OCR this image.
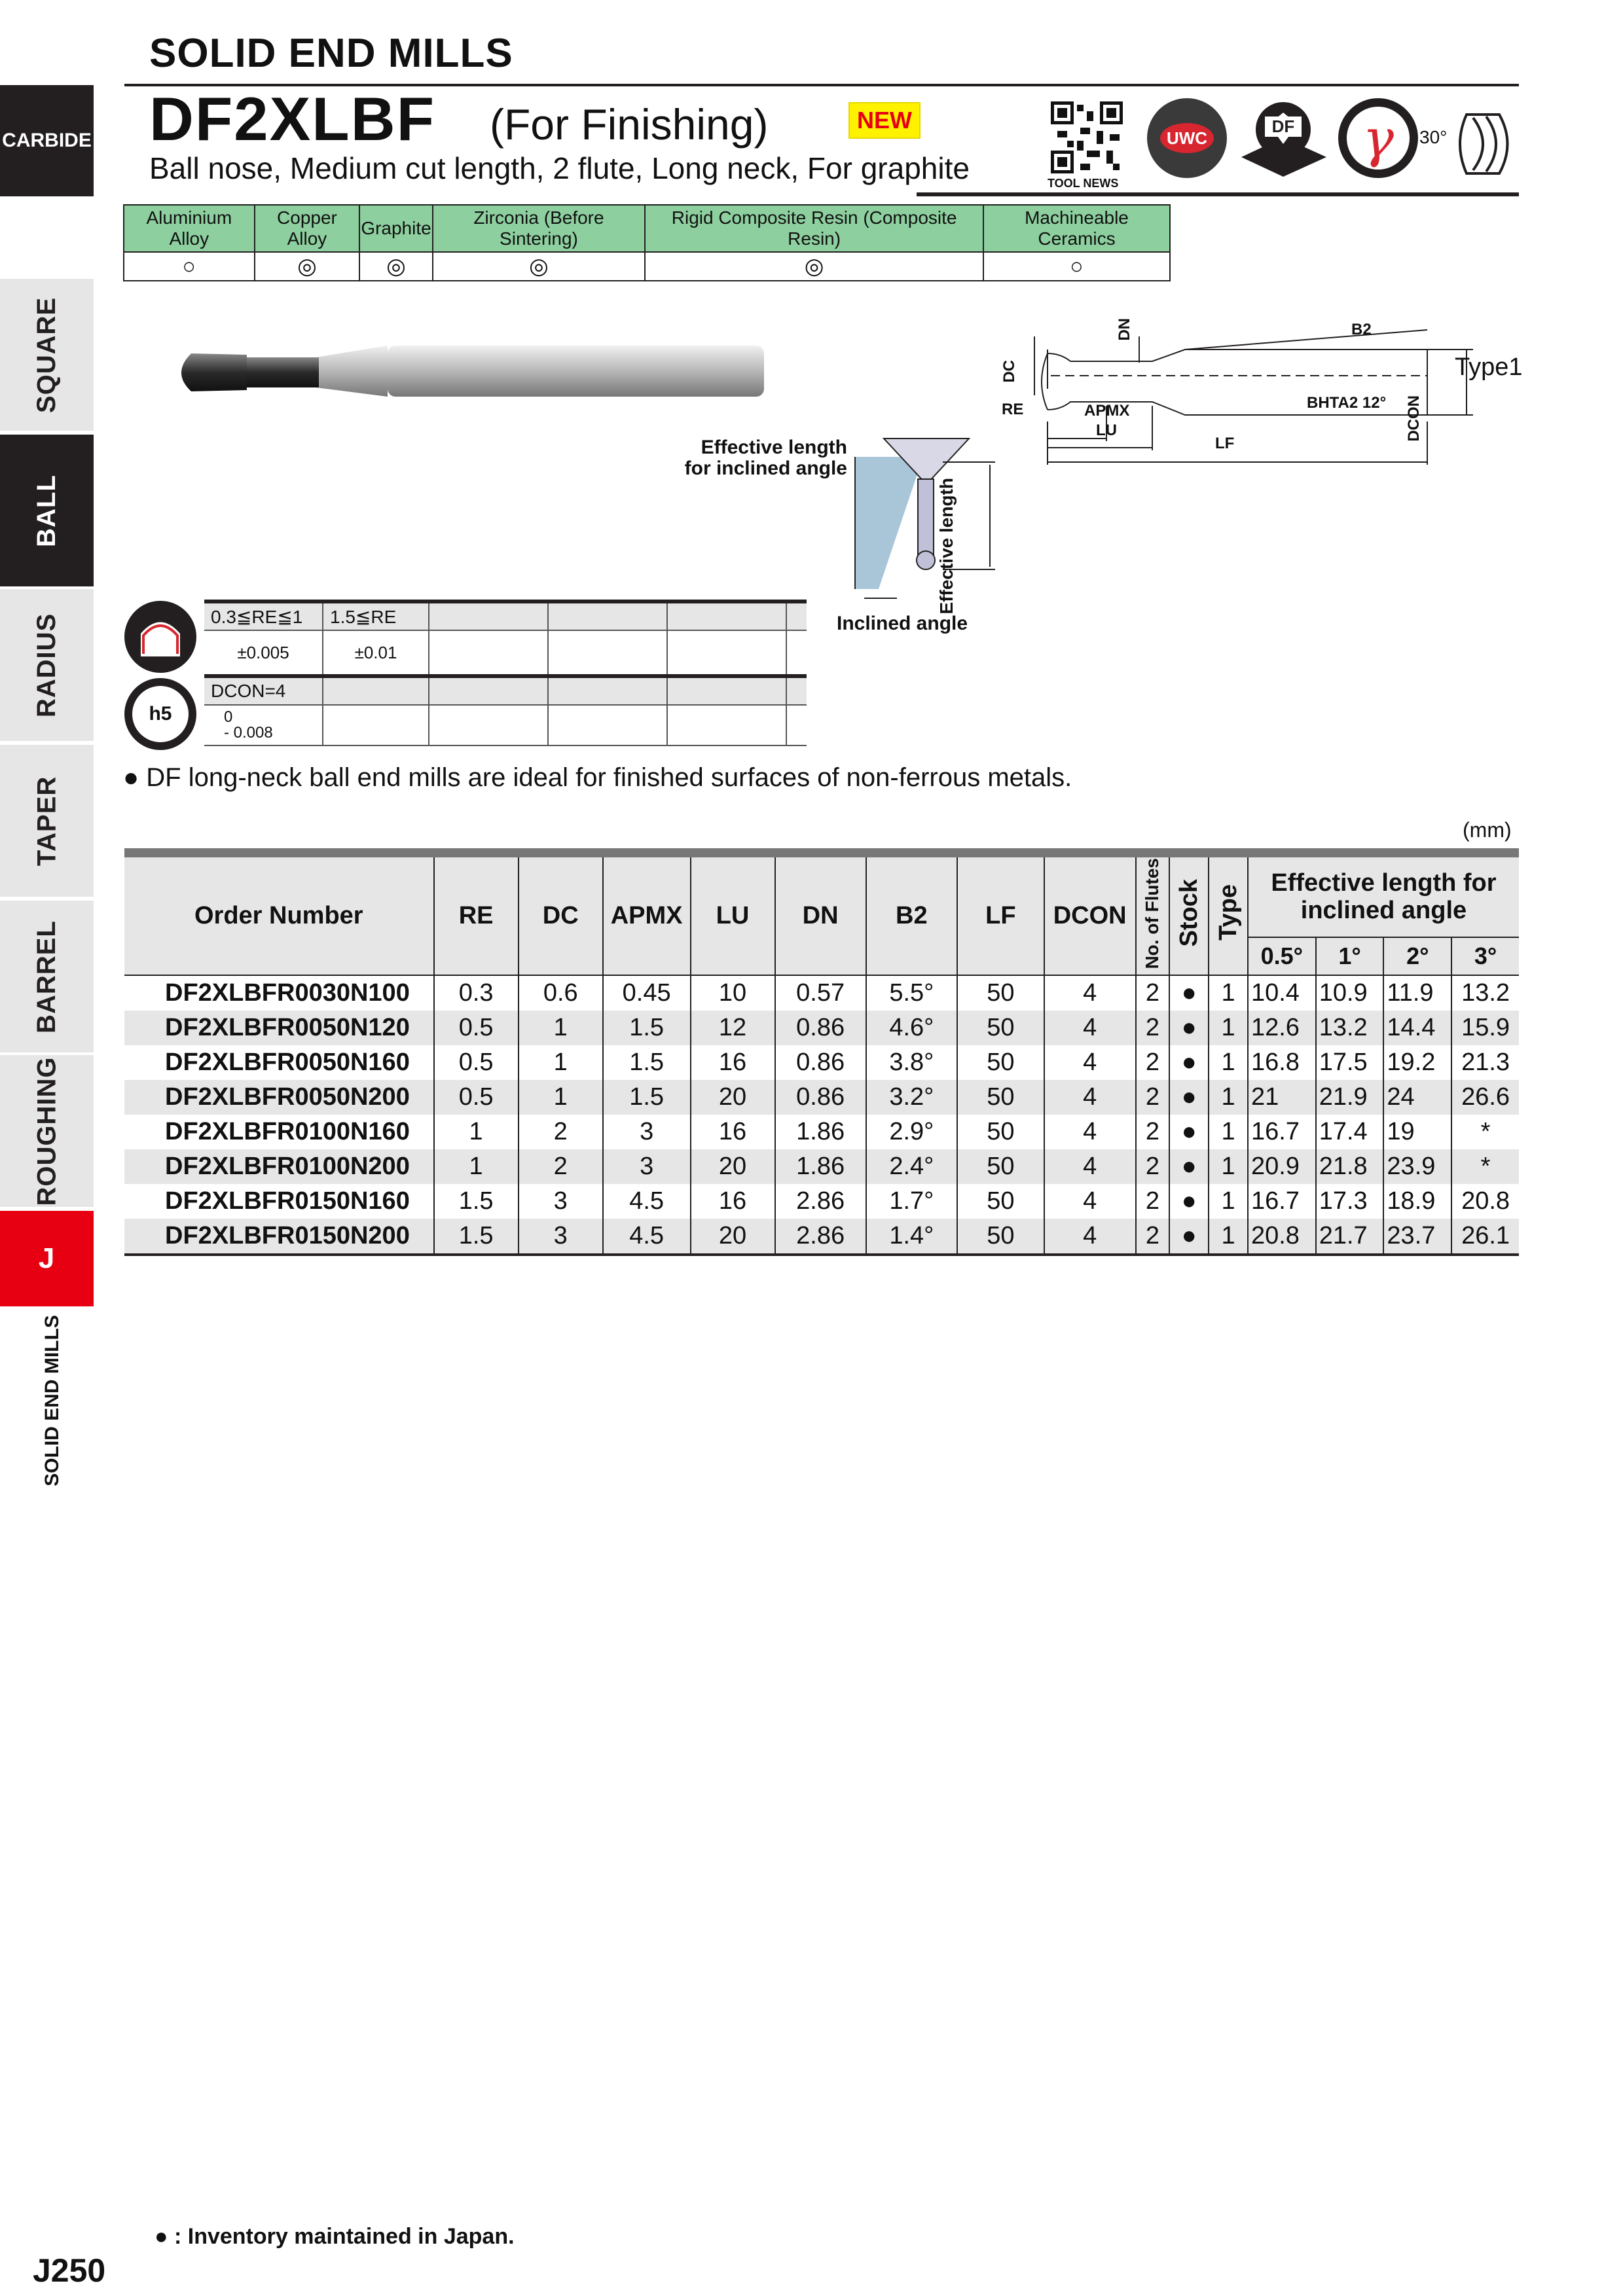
CARBIDE
SQUARE
BALL
RADIUS
TAPER
BARREL
ROUGHING
J
SOLID END MILLS
SOLID END MILLS
DF2XLBF (For Finishing)	NEW
Ball nose, Medium cut length, 2 flute, Long neck, For graphite	TOOL NEWS
UWC
DF	γ	30°
Aluminium Alloy	Copper Alloy	Graphite	Zirconia (Before Sintering)	Rigid Composite Resin (Composite Resin)	Machineable Ceramics
○	◎	◎	◎	◎	○
DC
DN
RE	APMX
LU
LF
B2
BHTA2 12° DCON
Type1
Effective length for inclined angle
Effective length
Inclined angle
h5
0.3≦RE≦1	1.5≦RE				
±0.005	±0.01				
DCON=4					

0
- 0.008					

● DF long-neck ball end mills are ideal for finished surfaces of non-ferrous metals.
(mm)
Order Number	RE	DC	APMX	LU	DN	B2	LF	DCON	No. of Flutes	Stock	Type	Effective length for inclined angle			
												0.5°	1°	2°	3°
DF2XLBFR0030N100	0.3	0.6	0.45	10	0.57	5.5°	50	4	2	●	1	10.4	10.9	11.9	13.2
DF2XLBFR0050N120	0.5	1	1.5	12	0.86	4.6°	50	4	2	●	1	12.6	13.2	14.4	15.9
DF2XLBFR0050N160	0.5	1	1.5	16	0.86	3.8°	50	4	2	●	1	16.8	17.5	19.2	21.3
DF2XLBFR0050N200	0.5	1	1.5	20	0.86	3.2°	50	4	2	●	1	21	21.9	24	26.6
DF2XLBFR0100N160	1	2	3	16	1.86	2.9°	50	4	2	●	1	16.7	17.4	19	*
DF2XLBFR0100N200	1	2	3	20	1.86	2.4°	50	4	2	●	1	20.9	21.8	23.9	*
DF2XLBFR0150N160	1.5	3	4.5	16	2.86	1.7°	50	4	2	●	1	16.7	17.3	18.9	20.8
DF2XLBFR0150N200	1.5	3	4.5	20	2.86	1.4°	50	4	2	●	1	20.8	21.7	23.7	26.1
● : Inventory maintained in Japan.
J250
